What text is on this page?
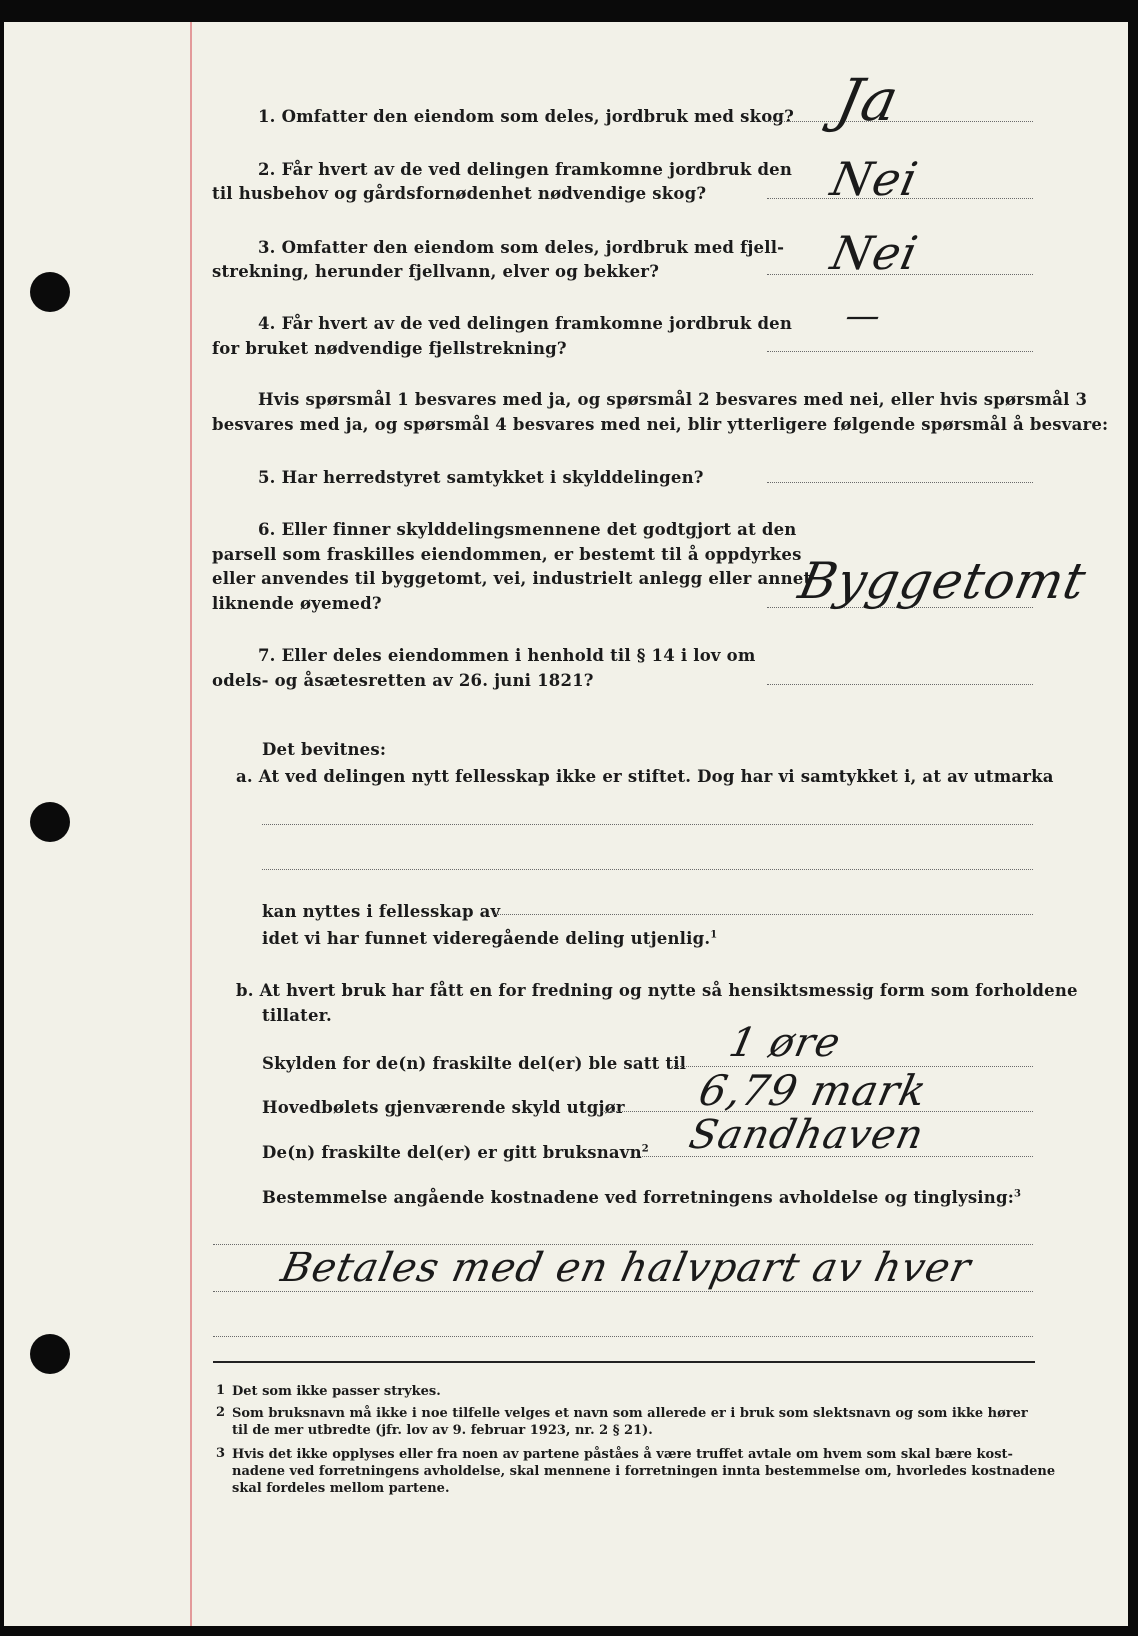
1. Omfatter den eiendom som deles, jordbruk med skog? Ja
2. Får hvert av de ved delingen framkomne jordbruk den
til husbehov og gårdsfornødenhet nødvendige skog?	Nei
3. Omfatter den eiendom som deles, jordbruk med fjell-
strekning, herunder fjellvann, elver og bekker?	Nei
4. Får hvert av de ved delingen framkomne jordbruk den
for bruket nødvendige fjellstrekning?
—
Hvis spørsmål 1 besvares med ja, og spørsmål 2 besvares med nei, eller hvis spørsmål 3
besvares med ja, og spørsmål 4 besvares med nei, blir ytterligere følgende spørsmål å besvare:
5. Har herredstyret samtykket i skylddelingen?
6. Eller finner skylddelingsmennene det godtgjort at den
parsell som fraskilles eiendommen, er bestemt til å oppdyrkes
eller anvendes til byggetomt, vei, industrielt anlegg eller annet
liknende øyemed?	Byggetomt
7. Eller deles eiendommen i henhold til § 14 i lov om
odels- og åsætesretten av 26. juni 1821?
Det bevitnes:
a. At ved delingen nytt fellesskap ikke er stiftet. Dog har vi samtykket i, at av utmarka
kan nyttes i fellesskap av
idet vi har funnet videregående deling utjenlig.$^1$
b. At hvert bruk har fått en for fredning og nytte så hensiktsmessig form som forholdene
tillater.
Skylden for de(n) fraskilte del(er) ble satt til 1 øre
Hovedbølets gjenværende skyld utgjør 6,79 mark
De(n) fraskilte del(er) er gitt bruksnavn$^2$ Sandhaven
Bestemmelse angående kostnadene ved forretningens avholdelse og tinglysing:$^3$
Betales med en halvpart av hver
1 Det som ikke passer strykes.
2 Som bruksnavn må ikke i noe tilfelle velges et navn som allerede er i bruk som slektsnavn og som ikke hører
til de mer utbredte (jfr. lov av 9. februar 1923, nr. 2 § 21).
3 Hvis det ikke opplyses eller fra noen av partene påståes å være truffet avtale om hvem som skal bære kost-
nadene ved forretningens avholdelse, skal mennene i forretningen innta bestemmelse om, hvorledes kostnadene
skal fordeles mellom partene.
